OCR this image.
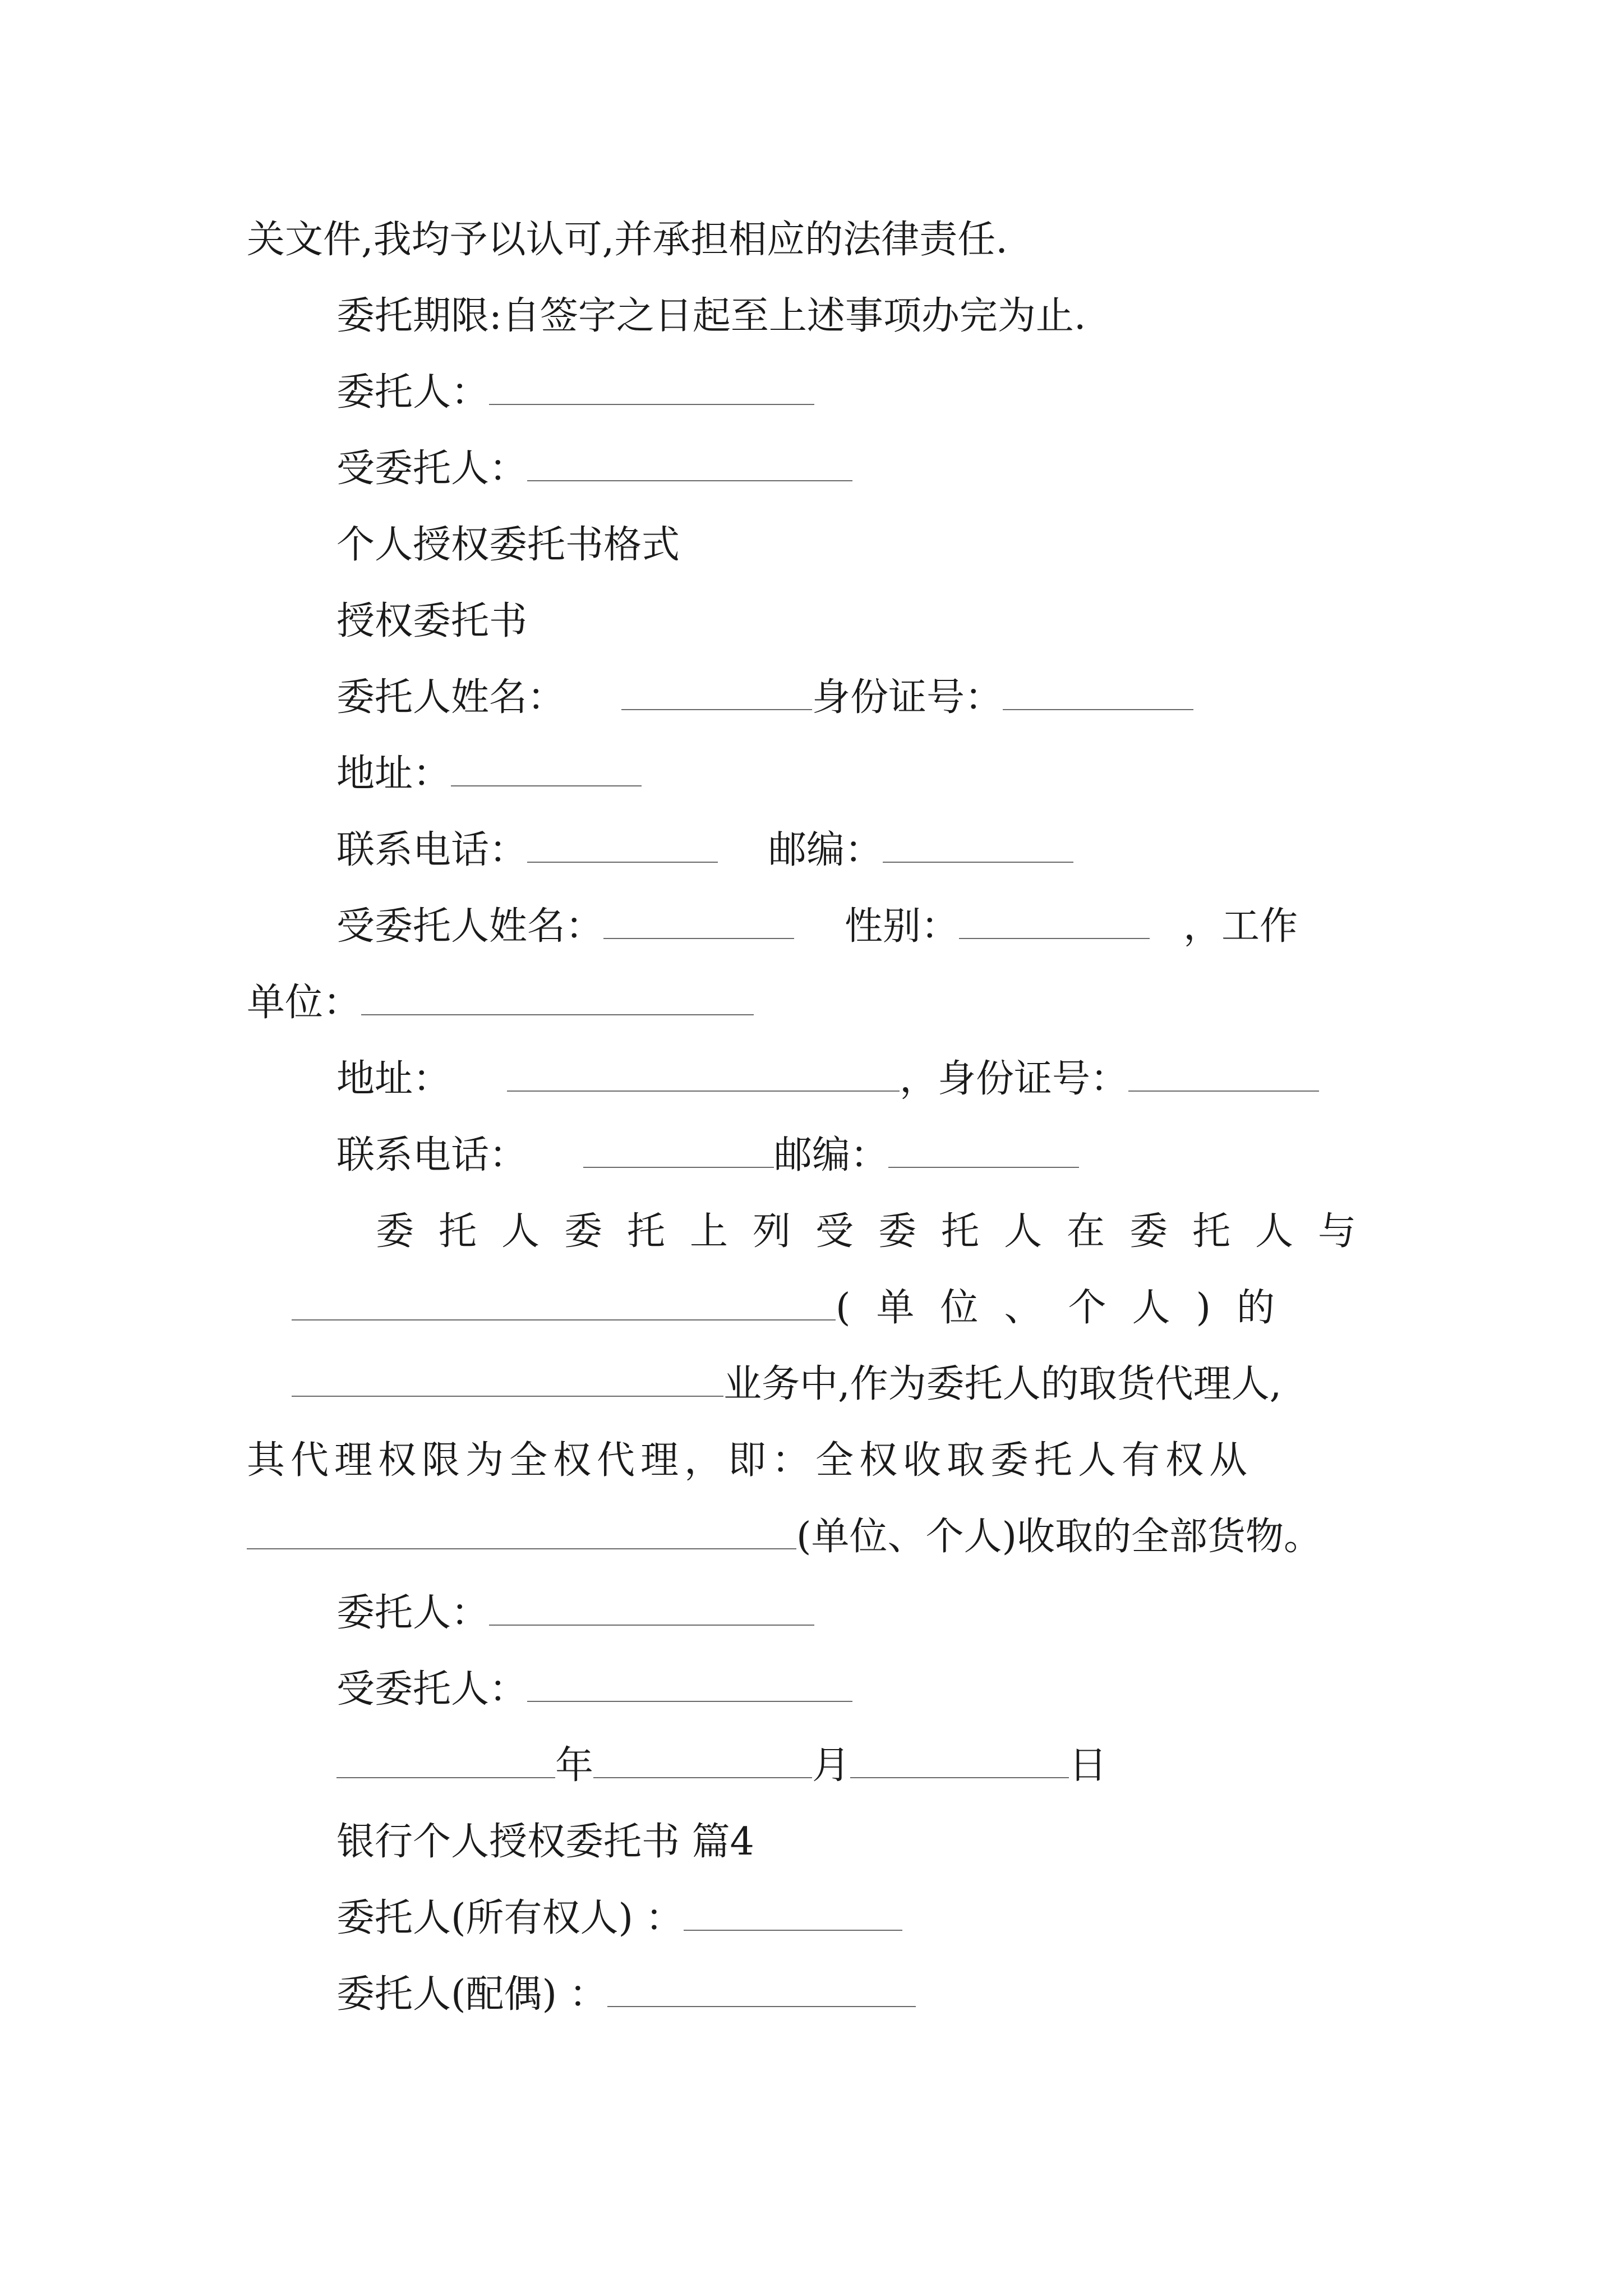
关文件,我均予以认可,并承担相应的法律责任.
委托期限:自签字之日起至上述事项办完为止.
委托人：
受委托人：
个人授权委托书格式
授权委托书
委托人姓名：	身份证号：
地址：
联系电话：	邮编：
受委托人姓名：	性别：	，工作
单位：
地址：	，身份证号：
联系电话：	邮编：
委托人委托上列受委托人在委托人与
(单位、个人)的
业务中,作为委托人的取货代理人,
其代理权限为全权代理，即：全权收取委托人有权从
(单位、个人)收取的全部货物。
委托人：
受委托人：
年	月	日
银行个人授权委托书 篇4
委托人(所有权人) ：
委托人(配偶) ：
